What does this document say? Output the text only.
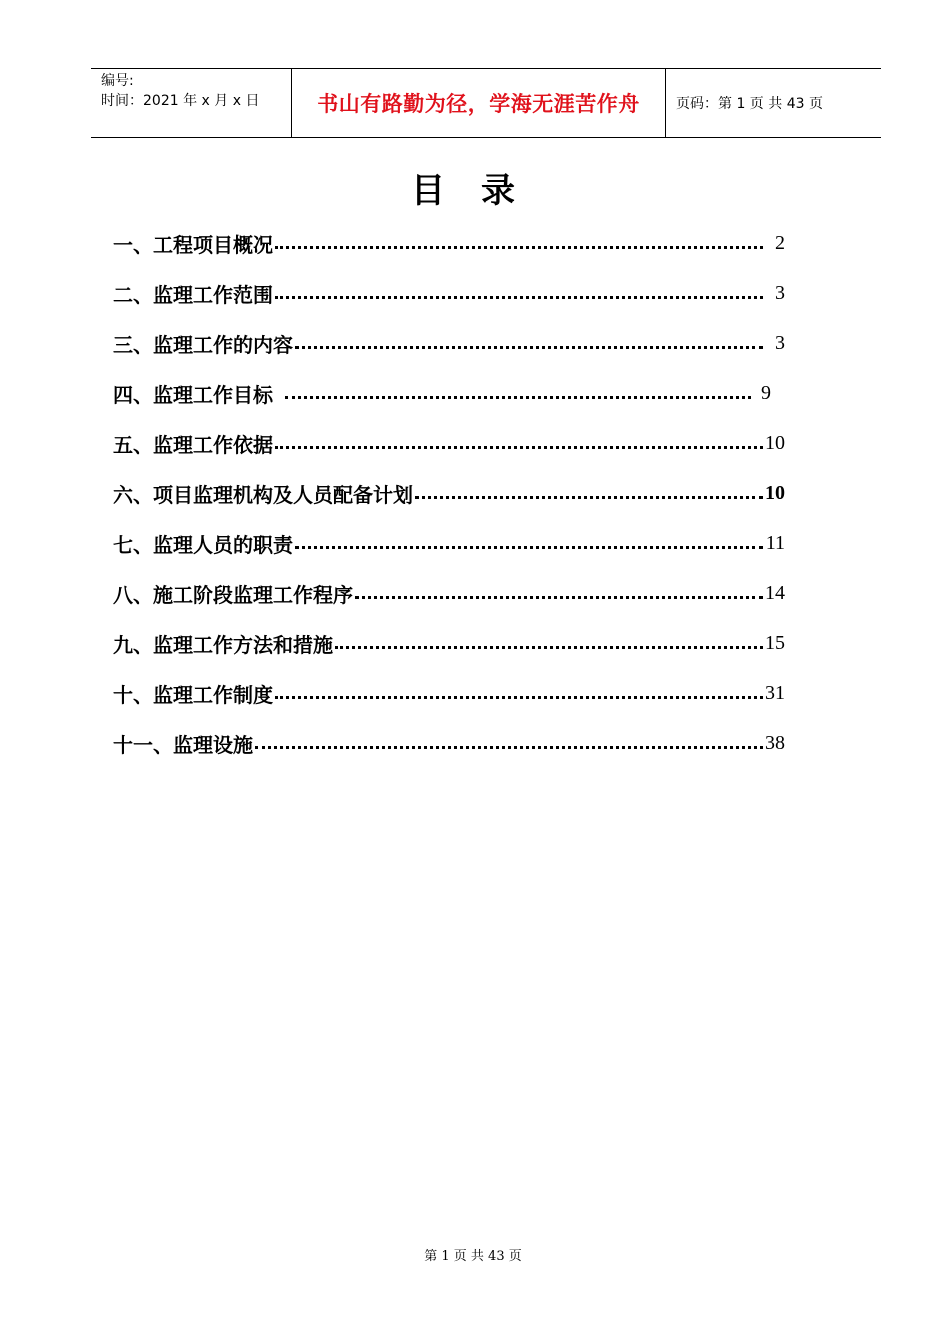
编号:
时间：2021 年 x 月 x 日	书山有路勤为径，学海无涯苦作舟	页码：第 1 页 共 43 页
目录
一、工程项目概况	2
二、监理工作范围	3
三、监理工作的内容	3
四、监理工作目标	9
五、监理工作依据	10
六、项目监理机构及人员配备计划	10
七、监理人员的职责	11
八、施工阶段监理工作程序	14
九、监理工作方法和措施	15
十、监理工作制度	31
十一、监理设施	38
第 1 页 共 43 页
